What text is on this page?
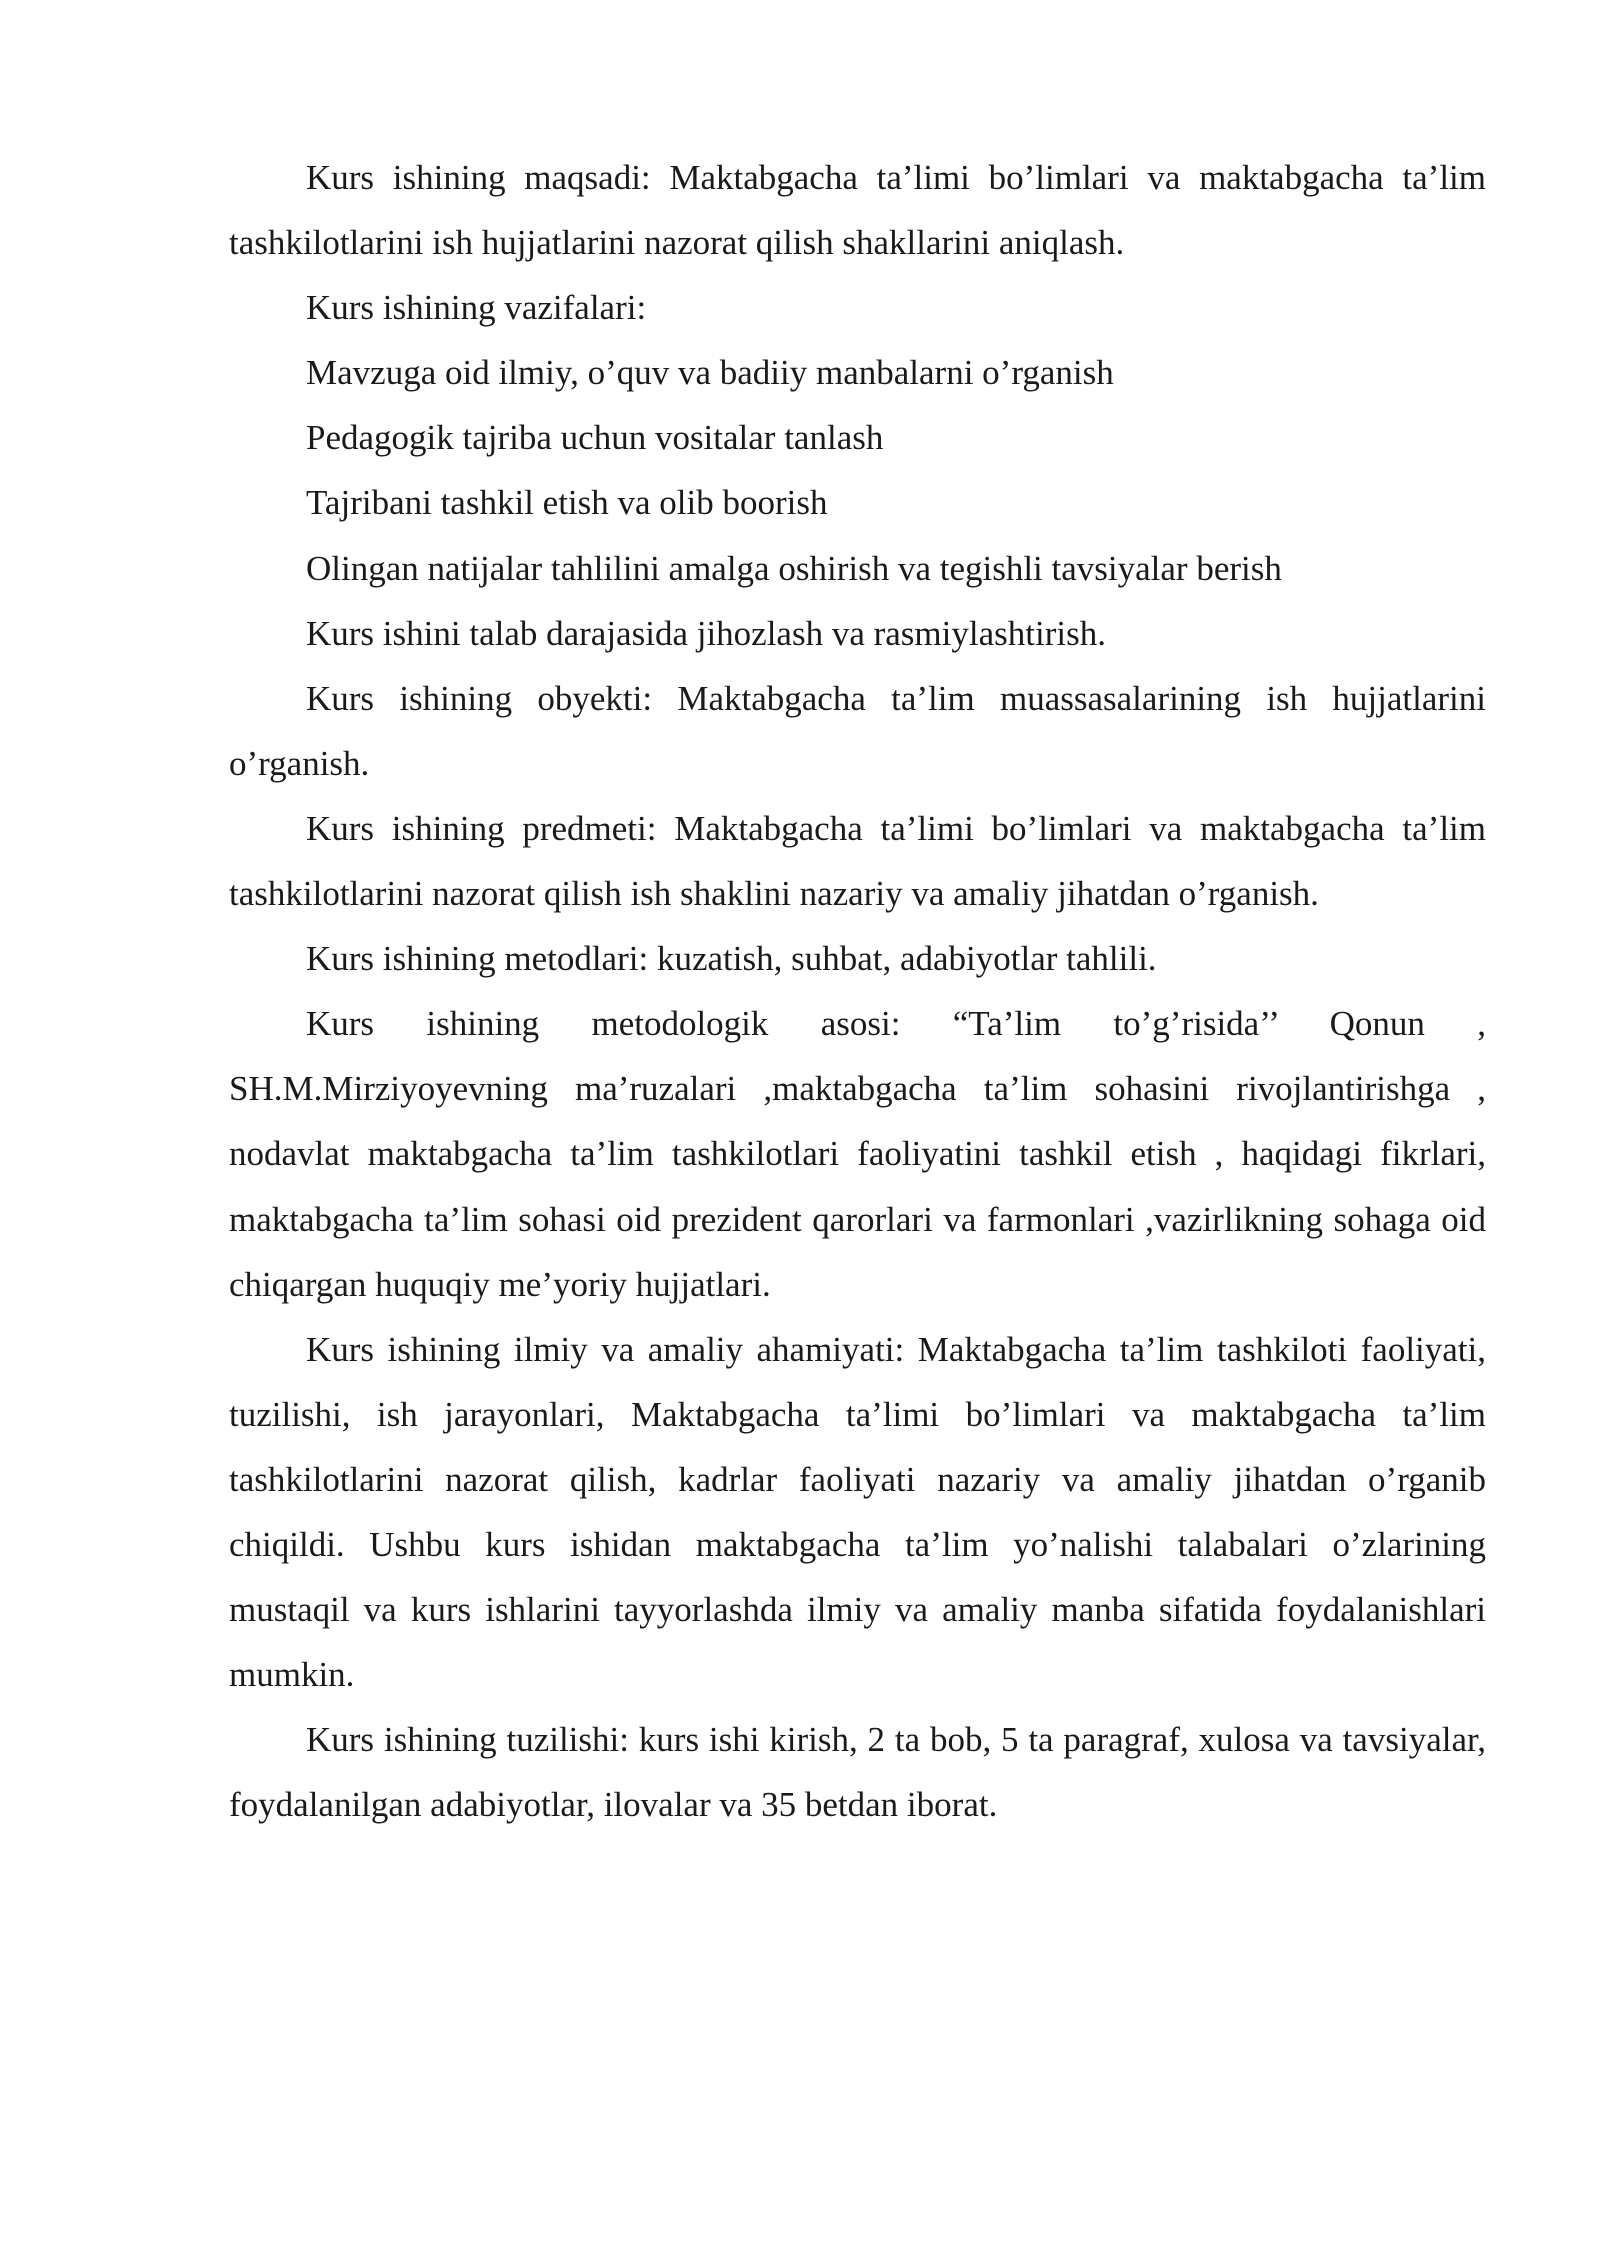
Kurs ishining maqsadi: Maktabgacha ta’limi bo’limlari va maktabgacha ta’lim tashkilotlarini ish hujjatlarini nazorat qilish shakllarini aniqlash.

Kurs ishining vazifalari:

Mavzuga oid ilmiy, o’quv va badiiy manbalarni o’rganish

Pedagogik tajriba uchun vositalar tanlash

Tajribani tashkil etish va olib boorish

Olingan natijalar tahlilini amalga oshirish va tegishli tavsiyalar berish

Kurs ishini talab darajasida jihozlash va rasmiylashtirish.

Kurs ishining obyekti: Maktabgacha ta’lim muassasalarining ish hujjatlarini o’rganish.

Kurs ishining predmeti: Maktabgacha ta’limi bo’limlari va maktabgacha ta’lim tashkilotlarini nazorat qilish ish shaklini nazariy va amaliy jihatdan o’rganish.

Kurs ishining metodlari: kuzatish, suhbat, adabiyotlar tahlili.

Kurs ishining metodologik asosi: “Ta’lim to’g’risida’’ Qonun , SH.M.Mirziyoyevning ma’ruzalari ,maktabgacha ta’lim sohasini rivojlantirishga , nodavlat maktabgacha ta’lim tashkilotlari faoliyatini tashkil etish , haqidagi fikrlari, maktabgacha ta’lim sohasi oid prezident qarorlari va farmonlari ,vazirlikning sohaga oid chiqargan huquqiy me’yoriy hujjatlari.

Kurs ishining ilmiy va amaliy ahamiyati: Maktabgacha ta’lim tashkiloti faoliyati, tuzilishi, ish jarayonlari, Maktabgacha ta’limi bo’limlari va maktabgacha ta’lim tashkilotlarini nazorat qilish, kadrlar faoliyati nazariy va amaliy jihatdan o’rganib chiqildi. Ushbu kurs ishidan maktabgacha ta’lim yo’nalishi talabalari o’zlarining mustaqil va kurs ishlarini tayyorlashda ilmiy va amaliy manba sifatida foydalanishlari mumkin.

Kurs ishining tuzilishi: kurs ishi kirish, 2 ta bob, 5 ta paragraf, xulosa va tavsiyalar, foydalanilgan adabiyotlar, ilovalar va 35 betdan iborat.
